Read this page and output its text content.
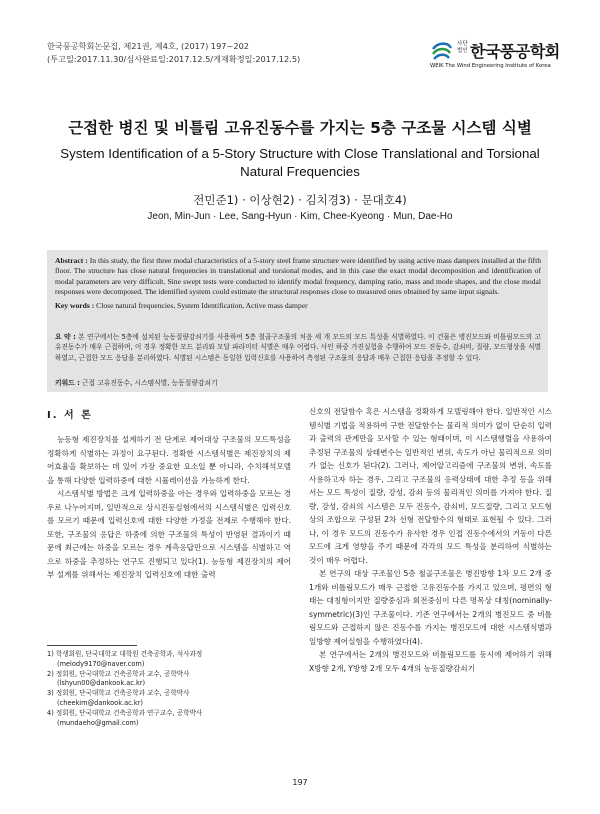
한국풍공학회논문집, 제21권, 제4호, (2017) 197~202
(투고일:2017.11.30/심사완료일:2017.12.5/게재확정일:2017.12.5)
사단법인 한국풍공학회
WEIK The Wind Engineering Institute of Korea
근접한 병진 및 비틀림 고유진동수를 가지는 5층 구조물 시스템 식별
System Identification of a 5-Story Structure with Close Translational and Torsional Natural Frequencies
전민준1) · 이상현2) · 김치경3) · 문대호4)
Jeon, Min-Jun · Lee, Sang-Hyun · Kim, Chee-Kyeong · Mun, Dae-Ho
Abstract : In this study, the first three modal characteristics of a 5-story steel frame structure were identified by using active mass dampers installed at the fifth floor. The structure has close natural frequencies in translational and torsional modes, and in this case the exact modal decomposition and identification of modal parameters are very difficult. Sine swept tests were conducted to identify modal frequency, damping ratio, mass and mode shapes, and the close modal responses were decomposed. The identified system could estimate the structural responses close to measured ones obtained by same input signals.
Key words : Close natural frequencies, System Identification, Active mass damper
요 약 : 본 연구에서는 5층에 설치된 능동질량감쇠기를 사용하여 5층 철골구조물의 처음 세 개 모드의 모드 특성을 식별하였다. 이 건물은 병진모드와 비틀림모드의 고유진동수가 매우 근접하며, 이 경우 정확한 모드 분리와 모달 파라미터 식별은 매우 어렵다. 사인 하중 가진실험을 수행하여 모드 진동수, 감쇠비, 질량, 모드형상을 식별하였고, 근접한 모드 응답을 분리하였다. 식별된 시스템은 동일한 입력신호를 사용하여 측정된 구조물의 응답과 매우 근접한 응답을 추정할 수 있다.
키워드 : 근접 고유진동수, 시스템식별, 능동질량감쇠기
I. 서 론

능동형 제진장치를 설계하기 전 단계로 제어대상 구조물의 모드특성을 정확하게 식별하는 과정이 요구된다. 정확한 시스템식별은 제진장치의 제어효율을 확보하는 데 있어 가장 중요한 요소일 뿐 아니라, 수치해석모델을 통해 다양한 입력하중에 대한 시뮬레이션을 가능하게 한다.

시스템식별 방법은 크게 입력하중을 아는 경우와 입력하중을 모르는 경우로 나누어지며, 일반적으로 상시진동실험에서의 시스템식별은 입력신호를 모르기 때문에 입력신호에 대한 다양한 가정을 전제로 수행해야 한다. 또한, 구조물의 응답은 하중에 의한 구조물의 특성이 반영된 결과이기 때문에 최근에는 하중을 모르는 경우 계측응답만으로 시스템을 식별하고 역으로 하중을 추정하는 연구도 진행되고 있다(1). 능동형 제진장치의 제어부 설계를 위해서는 제진장치 입력신호에 대한 출력

신호의 전달함수 혹은 시스템을 정확하게 모델링해야 한다. 일반적인 시스템식별 기법을 적용하여 구한 전달함수는 물리적 의미가 없이 단순히 입력과 출력의 관계만을 모사할 수 있는 형태이며, 이 시스템행렬을 사용하여 추정된 구조물의 상태변수는 일반적인 변위, 속도가 아닌 물리적으로 의미가 없는 신호가 된다(2). 그러나, 제어알고리즘에 구조물의 변위, 속도를 사용하고자 하는 경우, 그리고 구조물의 응력상태에 대한 추정 등을 위해서는 모드 특성이 질량, 강성, 감쇠 등의 물리적인 의미를 가져야 한다. 질량, 강성, 감쇠의 시스템은 모두 진동수, 감쇠비, 모드질량, 그리고 모드형상의 조합으로 구성된 2차 선형 전달함수의 형태로 표현될 수 있다. 그러나, 이 경우 모드의 진동수가 유사한 경우 인접 진동수에서의 거동이 다른 모드에 크게 영향을 주기 때문에 각각의 모드 특성을 분리하여 식별하는 것이 매우 어렵다.

본 연구의 대상 구조물인 5층 철골구조물은 병진방향 1차 모드 2개 중 1개와 비틀림모드가 매우 근접한 고유진동수를 가지고 있으며, 평면의 형태는 대칭형이지만 질량중심과 회전중심이 다른 명목상 대칭(nominally-symmetric)(3)인 구조물이다. 기존 연구에서는 2개의 병진모드 중 비틀림모드와 근접하지 않은 진동수를 가지는 병진모드에 대한 시스템식별과 일방향 제어실험을 수행하였다(4).

본 연구에서는 2개의 병진모드와 비틀림모드를 동시에 제어하기 위해 X방향 2개, Y방향 2개 모두 4개의 능동질량감쇠기

1) 학생회원, 단국대학교 대학원 건축공학과, 석사과정

(melody9170@naver.com)

2) 정회원, 단국대학교 건축공학과 교수, 공학박사

(lshyun00@dankook.ac.kr)

3) 정회원, 단국대학교 건축공학과 교수, 공학박사

(cheekim@dankook.ac.kr)

4) 정회원, 단국대학교 건축공학과 연구교수, 공학박사

(mundaeho@gmail.com)

197
